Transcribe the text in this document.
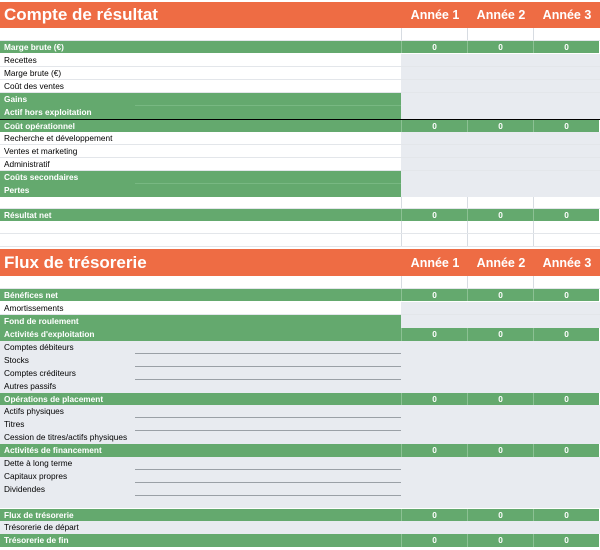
Compte de résultat	Année 1	Année 2	Année 3
Marge brute (€)	0	0	0
Recettes
Marge brute (€)
Coût des ventes
Gains
Actif hors exploitation
Coût opérationnel	0	0	0
Recherche et développement
Ventes et marketing
Administratif
Coûts secondaires
Pertes
Résultat net	0	0	0
Flux de trésorerie	Année 1	Année 2	Année 3
Bénéfices net	0	0	0
Amortissements
Fond de roulement
Activités d'exploitation	0	0	0
Comptes débiteurs
Stocks
Comptes créditeurs
Autres passifs
Opérations de placement	0	0	0
Actifs physiques
Titres
Cession de titres/actifs physiques
Activités de financement	0	0	0
Dette à long terme
Capitaux propres
Dividendes
Flux de trésorerie	0	0	0
Trésorerie de départ
Trésorerie de fin	0	0	0
